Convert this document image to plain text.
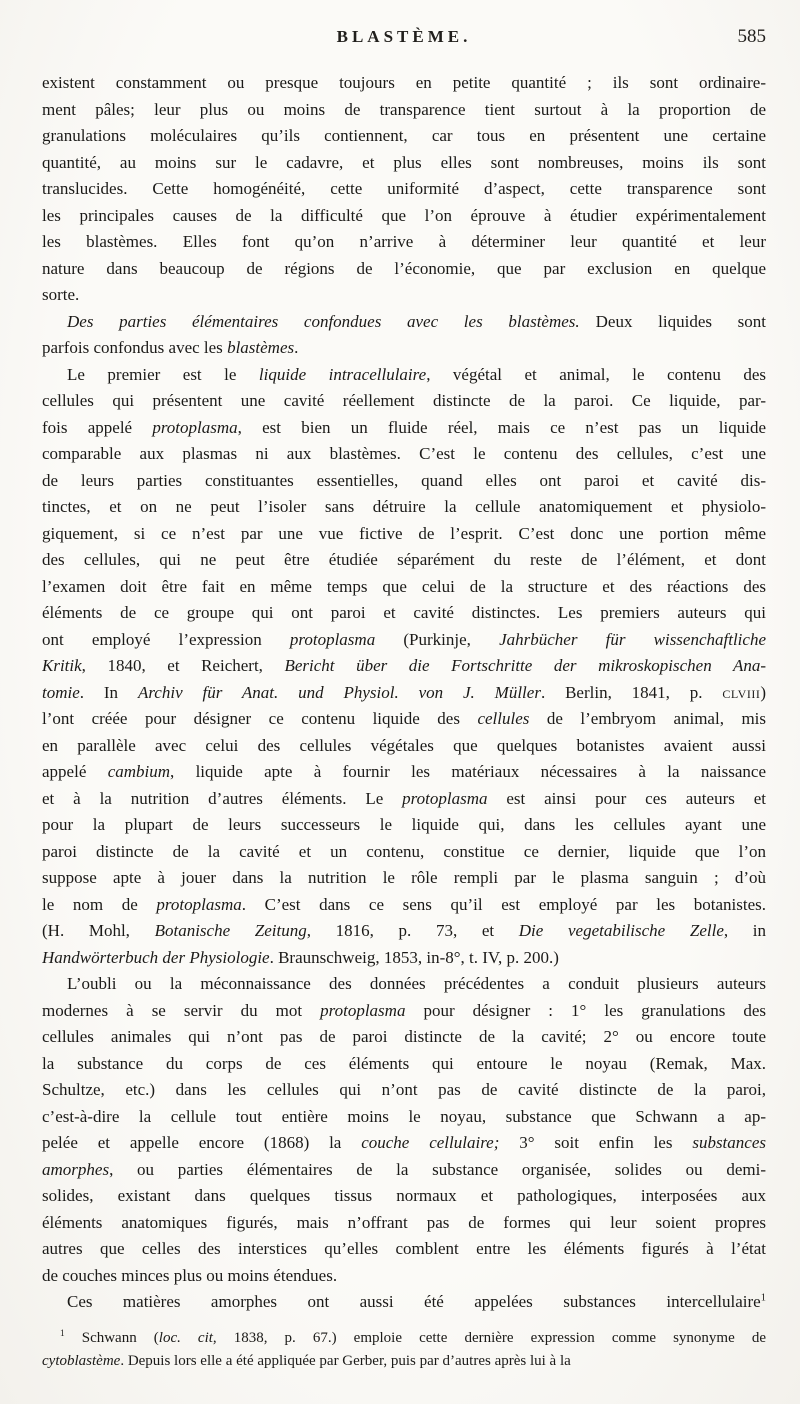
BLASTÈME.	585
existent constamment ou presque toujours en petite quantité ; ils sont ordinaire-
ment pâles; leur plus ou moins de transparence tient surtout à la proportion de
granulations moléculaires qu’ils contiennent, car tous en présentent une certaine
quantité, au moins sur le cadavre, et plus elles sont nombreuses, moins ils sont
translucides. Cette homogénéité, cette uniformité d’aspect, cette transparence sont
les principales causes de la difficulté que l’on éprouve à étudier expérimentalement
les blastèmes. Elles font qu’on n’arrive à déterminer leur quantité et leur
nature dans beaucoup de régions de l’économie, que par exclusion en quelque
sorte.
Des parties élémentaires confondues avec les blastèmes. Deux liquides sont
parfois confondus avec les blastèmes.
Le premier est le liquide intracellulaire, végétal et animal, le contenu des
cellules qui présentent une cavité réellement distincte de la paroi. Ce liquide, par-
fois appelé protoplasma, est bien un fluide réel, mais ce n’est pas un liquide
comparable aux plasmas ni aux blastèmes. C’est le contenu des cellules, c’est une
de leurs parties constituantes essentielles, quand elles ont paroi et cavité dis-
tinctes, et on ne peut l’isoler sans détruire la cellule anatomiquement et physiolo-
giquement, si ce n’est par une vue fictive de l’esprit. C’est donc une portion même
des cellules, qui ne peut être étudiée séparément du reste de l’élément, et dont
l’examen doit être fait en même temps que celui de la structure et des réactions des
éléments de ce groupe qui ont paroi et cavité distinctes. Les premiers auteurs qui
ont employé l’expression protoplasma (Purkinje, Jahrbücher für wissenchaftliche
Kritik, 1840, et Reichert, Bericht über die Fortschritte der mikroskopischen Ana-
tomie. In Archiv für Anat. und Physiol. von J. Müller. Berlin, 1841, p. clviii)
l’ont créée pour désigner ce contenu liquide des cellules de l’embryom animal, mis
en parallèle avec celui des cellules végétales que quelques botanistes avaient aussi
appelé cambium, liquide apte à fournir les matériaux nécessaires à la naissance
et à la nutrition d’autres éléments. Le protoplasma est ainsi pour ces auteurs et
pour la plupart de leurs successeurs le liquide qui, dans les cellules ayant une
paroi distincte de la cavité et un contenu, constitue ce dernier, liquide que l’on
suppose apte à jouer dans la nutrition le rôle rempli par le plasma sanguin ; d’où
le nom de protoplasma. C’est dans ce sens qu’il est employé par les botanistes.
(H. Mohl, Botanische Zeitung, 1816, p. 73, et Die vegetabilische Zelle, in
Handwörterbuch der Physiologie. Braunschweig, 1853, in-8°, t. IV, p. 200.)
L’oubli ou la méconnaissance des données précédentes a conduit plusieurs auteurs
modernes à se servir du mot protoplasma pour désigner : 1° les granulations des
cellules animales qui n’ont pas de paroi distincte de la cavité; 2° ou encore toute
la substance du corps de ces éléments qui entoure le noyau (Remak, Max.
Schultze, etc.) dans les cellules qui n’ont pas de cavité distincte de la paroi,
c’est-à-dire la cellule tout entière moins le noyau, substance que Schwann a ap-
pelée et appelle encore (1868) la couche cellulaire; 3° soit enfin les substances
amorphes, ou parties élémentaires de la substance organisée, solides ou demi-
solides, existant dans quelques tissus normaux et pathologiques, interposées aux
éléments anatomiques figurés, mais n’offrant pas de formes qui leur soient propres
autres que celles des interstices qu’elles comblent entre les éléments figurés à l’état
de couches minces plus ou moins étendues.
Ces matières amorphes ont aussi été appelées substances intercellulaire$^1$
$^1$ Schwann (loc. cit, 1838, p. 67.) emploie cette dernière expression comme synonyme de
cytoblastème. Depuis lors elle a été appliquée par Gerber, puis par d’autres après lui à la
